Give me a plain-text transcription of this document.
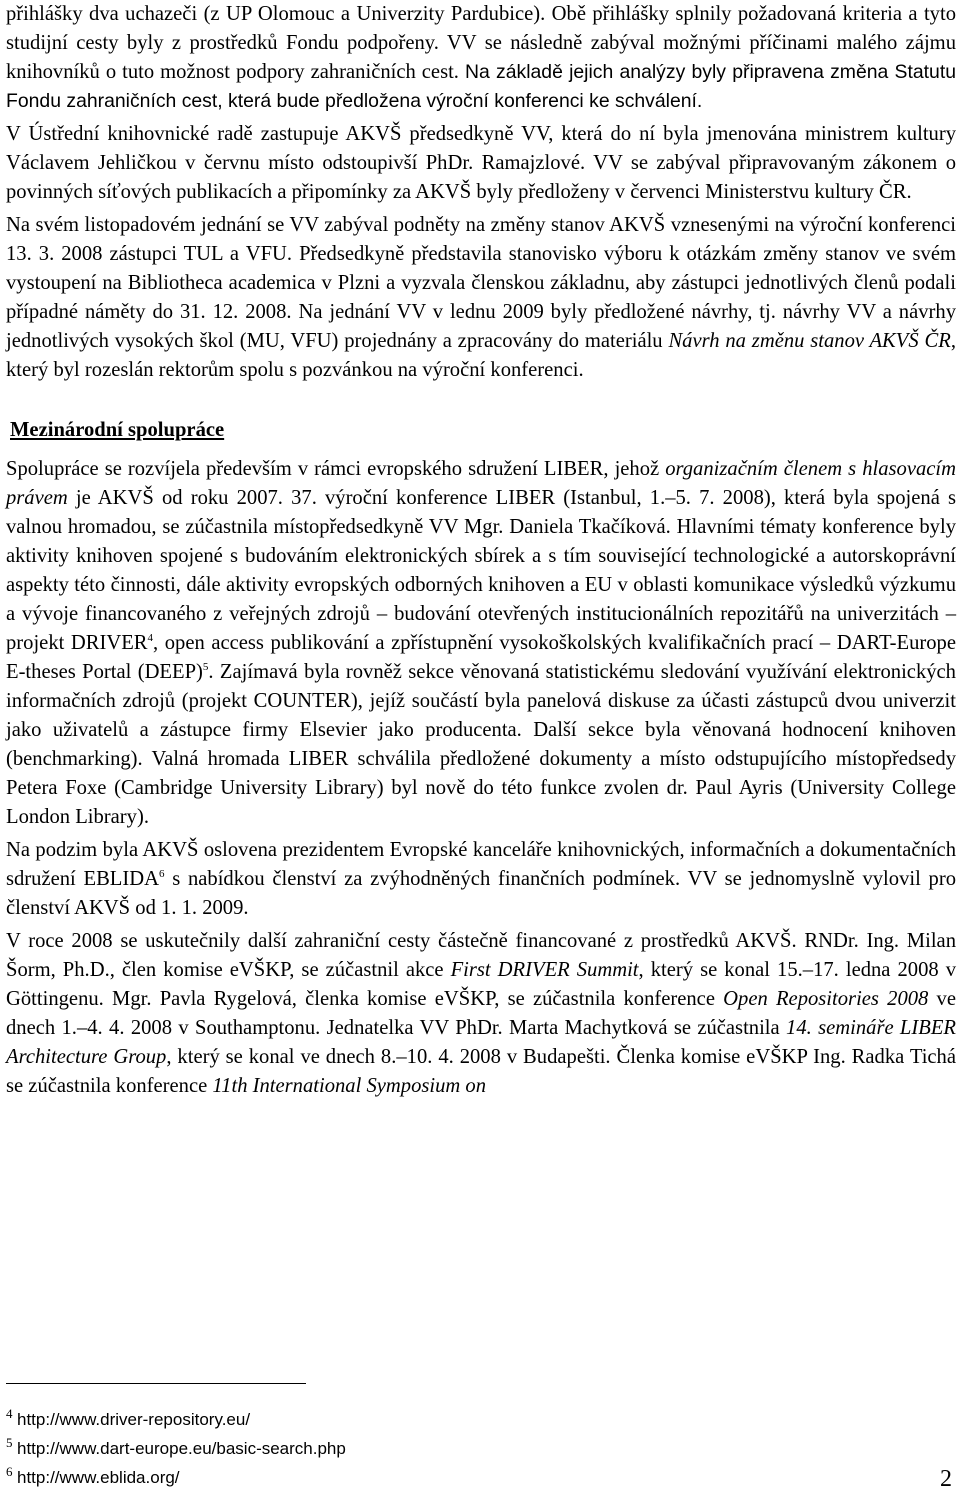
přihlášky dva uchazeči (z UP Olomouc a Univerzity Pardubice). Obě přihlášky splnily požadovaná kriteria a tyto studijní cesty byly z prostředků Fondu podpořeny. VV se následně zabýval možnými příčinami malého zájmu knihovníků o tuto možnost podpory zahraničních cest. Na základě jejich analýzy byly připravena změna Statutu Fondu zahraničních cest, která bude předložena výroční konferenci ke schválení.

V Ústřední knihovnické radě zastupuje AKVŠ předsedkyně VV, která do ní byla jmenována ministrem kultury Václavem Jehličkou v červnu místo odstoupivší PhDr. Ramajzlové. VV se zabýval připravovaným zákonem o povinných síťových publikacích a připomínky za AKVŠ byly předloženy v červenci Ministerstvu kultury ČR.

Na svém listopadovém jednání se VV zabýval podněty na změny stanov AKVŠ vznesenými na výroční konferenci 13. 3. 2008 zástupci TUL a VFU. Předsedkyně představila stanovisko výboru k otázkám změny stanov ve svém vystoupení na Bibliotheca academica v Plzni a vyzvala členskou základnu, aby zástupci jednotlivých členů podali případné náměty do 31. 12. 2008. Na jednání VV v lednu 2009 byly předložené návrhy, tj. návrhy VV a návrhy jednotlivých vysokých škol (MU, VFU) projednány a zpracovány do materiálu Návrh na změnu stanov AKVŠ ČR, který byl rozeslán rektorům spolu s pozvánkou na výroční konferenci.

Mezinárodní spolupráce

Spolupráce se rozvíjela především v rámci evropského sdružení LIBER, jehož organizačním členem s hlasovacím právem je AKVŠ od roku 2007. 37. výroční konference LIBER (Istanbul, 1.–5. 7. 2008), která byla spojená s valnou hromadou, se zúčastnila místopředsedkyně VV Mgr. Daniela Tkačíková. Hlavními tématy konference byly aktivity knihoven spojené s budováním elektronických sbírek a s tím související technologické a autorskoprávní aspekty této činnosti, dále aktivity evropských odborných knihoven a EU v oblasti komunikace výsledků výzkumu a vývoje financovaného z veřejných zdrojů – budování otevřených institucionálních repozitářů na univerzitách – projekt DRIVER$^4$, open access publikování a zpřístupnění vysokoškolských kvalifikačních prací – DART-Europe E-theses Portal (DEEP)$^5$. Zajímavá byla rovněž sekce věnovaná statistickému sledování využívání elektronických informačních zdrojů (projekt COUNTER), jejíž součástí byla panelová diskuse za účasti zástupců dvou univerzit jako uživatelů a zástupce firmy Elsevier jako producenta. Další sekce byla věnovaná hodnocení knihoven (benchmarking). Valná hromada LIBER schválila předložené dokumenty a místo odstupujícího místopředsedy Petera Foxe (Cambridge University Library) byl nově do této funkce zvolen dr. Paul Ayris (University College London Library).

Na podzim byla AKVŠ oslovena prezidentem Evropské kanceláře knihovnických, informačních a dokumentačních sdružení EBLIDA$^6$ s nabídkou členství za zvýhodněných finančních podmínek. VV se jednomyslně vylovil pro členství AKVŠ od 1. 1. 2009.

V roce 2008 se uskutečnily další zahraniční cesty částečně financované z prostředků AKVŠ. RNDr. Ing. Milan Šorm, Ph.D., člen komise eVŠKP, se zúčastnil akce First DRIVER Summit, který se konal 15.–17. ledna 2008 v Göttingenu. Mgr. Pavla Rygelová, členka komise eVŠKP, se zúčastnila konference Open Repositories 2008 ve dnech 1.–4. 4. 2008 v Southamptonu. Jednatelka VV PhDr. Marta Machytková se zúčastnila 14. semináře LIBER Architecture Group, který se konal ve dnech 8.–10. 4. 2008 v Budapešti. Členka komise eVŠKP Ing. Radka Tichá se zúčastnila konference 11th International Symposium on

$^4$ http://www.driver-repository.eu/
$^5$ http://www.dart-europe.eu/basic-search.php
$^6$ http://www.eblida.org/	2
